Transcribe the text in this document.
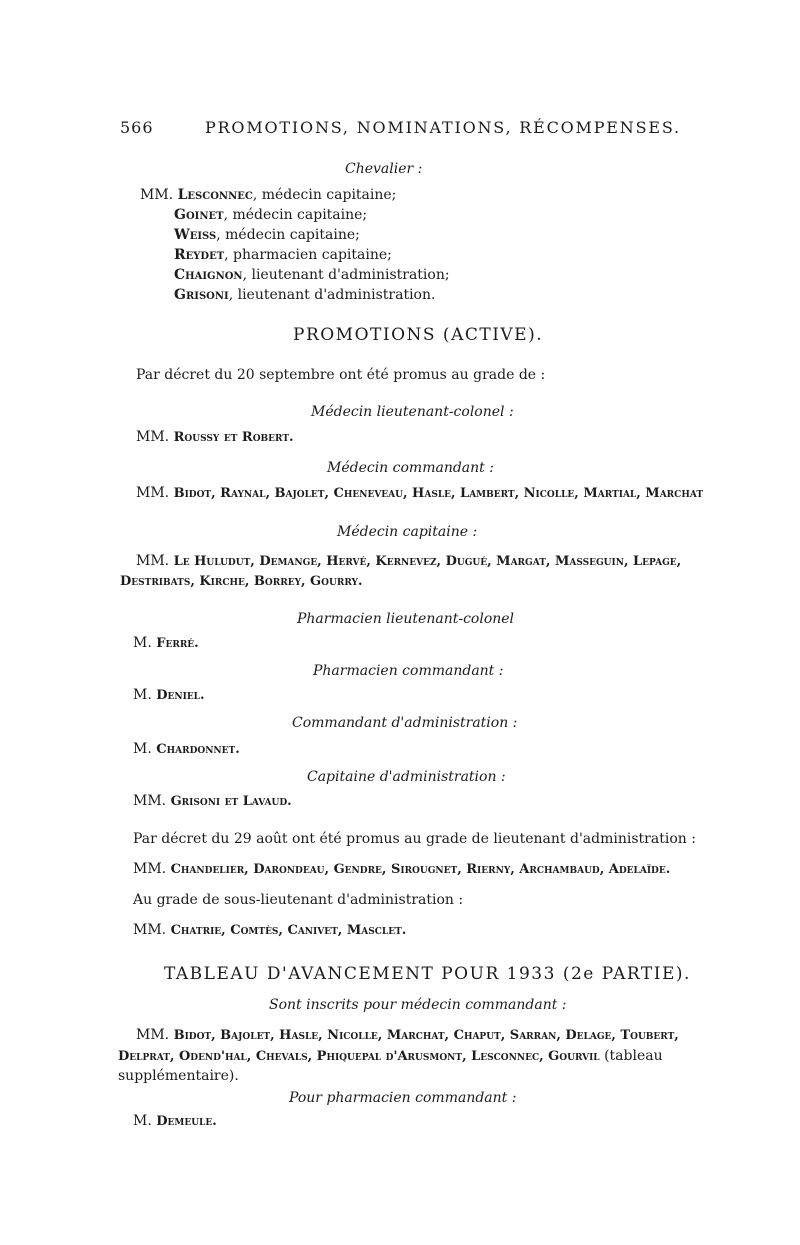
566	PROMOTIONS, NOMINATIONS, RÉCOMPENSES.
Chevalier :
MM. Lesconnec, médecin capitaine;
Goinet, médecin capitaine;
Weiss, médecin capitaine;
Reydet, pharmacien capitaine;
Chaignon, lieutenant d'administration;
Grisoni, lieutenant d'administration.
PROMOTIONS (ACTIVE).
Par décret du 20 septembre ont été promus au grade de :
Médecin lieutenant-colonel :
MM. Roussy et Robert.
Médecin commandant :
MM. Bidot, Raynal, Bajolet, Cheneveau, Hasle, Lambert, Nicolle, Martial, Marchat
Médecin capitaine :
MM. Le Huludut, Demange, Hervé, Kernevez, Dugué, Margat, Masseguin, Lepage,
Destribats, Kirche, Borrey, Gourry.
Pharmacien lieutenant-colonel
M. Ferré.
Pharmacien commandant :
M. Deniel.
Commandant d'administration :
M. Chardonnet.
Capitaine d'administration :
MM. Grisoni et Lavaud.
Par décret du 29 août ont été promus au grade de lieutenant d'administration :
MM. Chandelier, Darondeau, Gendre, Sirougnet, Rierny, Archambaud, Adelaïde.
Au grade de sous-lieutenant d'administration :
MM. Chatrie, Comtès, Canivet, Masclet.
TABLEAU D'AVANCEMENT POUR 1933 (2e PARTIE).
Sont inscrits pour médecin commandant :
MM. Bidot, Bajolet, Hasle, Nicolle, Marchat, Chaput, Sarran, Delage, Toubert,
Delprat, Odend'hal, Chevals, Phiquepal d'Arusmont, Lesconnec, Gourvil (tableau
supplémentaire).
Pour pharmacien commandant :
M. Demeule.
